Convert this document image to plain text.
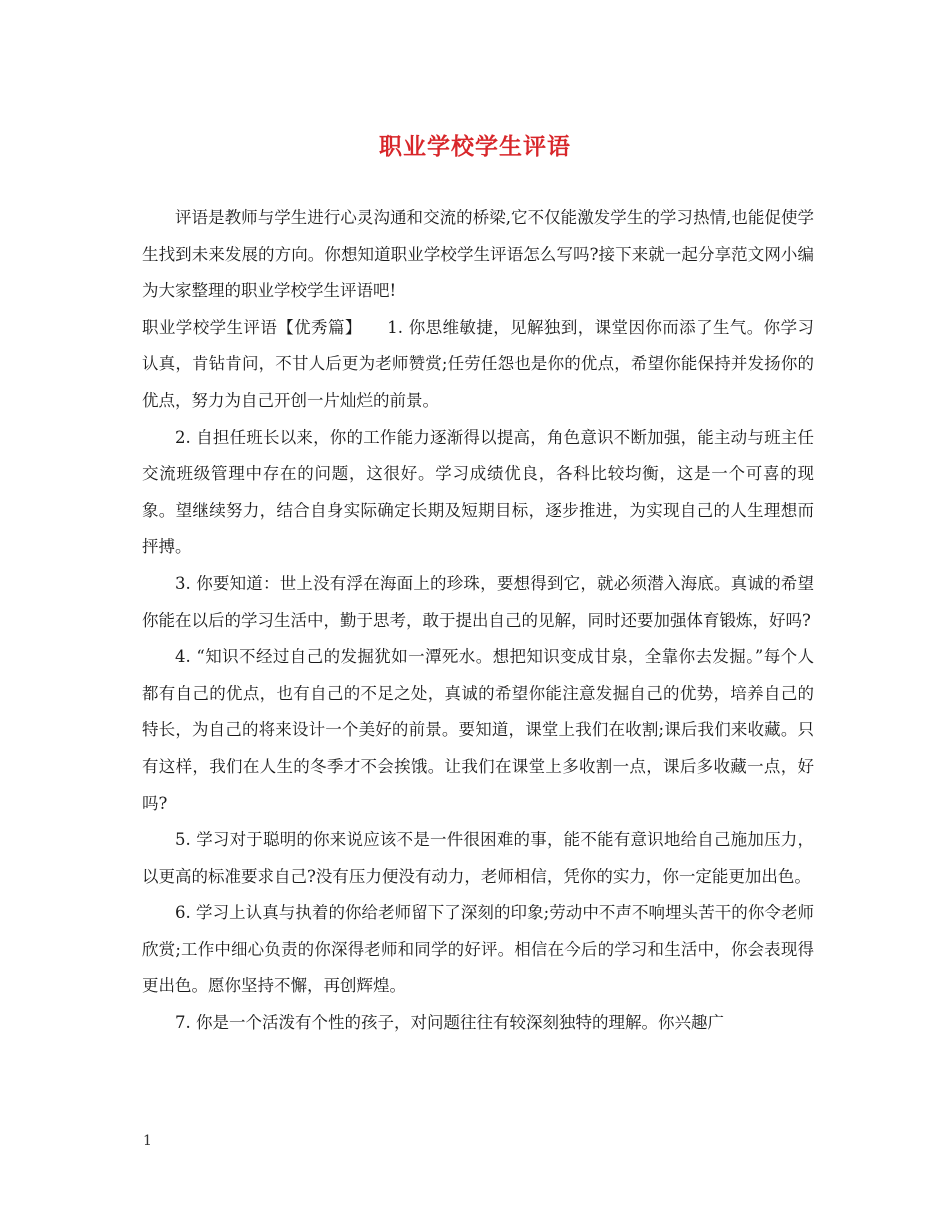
职业学校学生评语

评语是教师与学生进行心灵沟通和交流的桥梁,它不仅能激发学生的学习热情,也能促使学生找到未来发展的方向。你想知道职业学校学生评语怎么写吗?接下来就一起分享范文网小编为大家整理的职业学校学生评语吧!

职业学校学生评语【优秀篇】　　1. 你思维敏捷，见解独到，课堂因你而添了生气。你学习认真，肯钻肯问，不甘人后更为老师赞赏;任劳任怨也是你的优点，希望你能保持并发扬你的优点，努力为自己开创一片灿烂的前景。

2. 自担任班长以来，你的工作能力逐渐得以提高，角色意识不断加强，能主动与班主任交流班级管理中存在的问题，这很好。学习成绩优良，各科比较均衡，这是一个可喜的现象。望继续努力，结合自身实际确定长期及短期目标，逐步推进，为实现自己的人生理想而抨搏。

3. 你要知道：世上没有浮在海面上的珍珠，要想得到它，就必须潜入海底。真诚的希望你能在以后的学习生活中，勤于思考，敢于提出自己的见解，同时还要加强体育锻炼，好吗?

4. “知识不经过自己的发掘犹如一潭死水。想把知识变成甘泉，全靠你去发掘。”每个人都有自己的优点，也有自己的不足之处，真诚的希望你能注意发掘自己的优势，培养自己的特长，为自己的将来设计一个美好的前景。要知道，课堂上我们在收割;课后我们来收藏。只有这样，我们在人生的冬季才不会挨饿。让我们在课堂上多收割一点，课后多收藏一点，好吗?

5. 学习对于聪明的你来说应该不是一件很困难的事，能不能有意识地给自己施加压力，以更高的标准要求自己?没有压力便没有动力，老师相信，凭你的实力，你一定能更加出色。

6. 学习上认真与执着的你给老师留下了深刻的印象;劳动中不声不响埋头苦干的你令老师欣赏;工作中细心负责的你深得老师和同学的好评。相信在今后的学习和生活中，你会表现得更出色。愿你坚持不懈，再创辉煌。

7. 你是一个活泼有个性的孩子，对问题往往有较深刻独特的理解。你兴趣广

1
